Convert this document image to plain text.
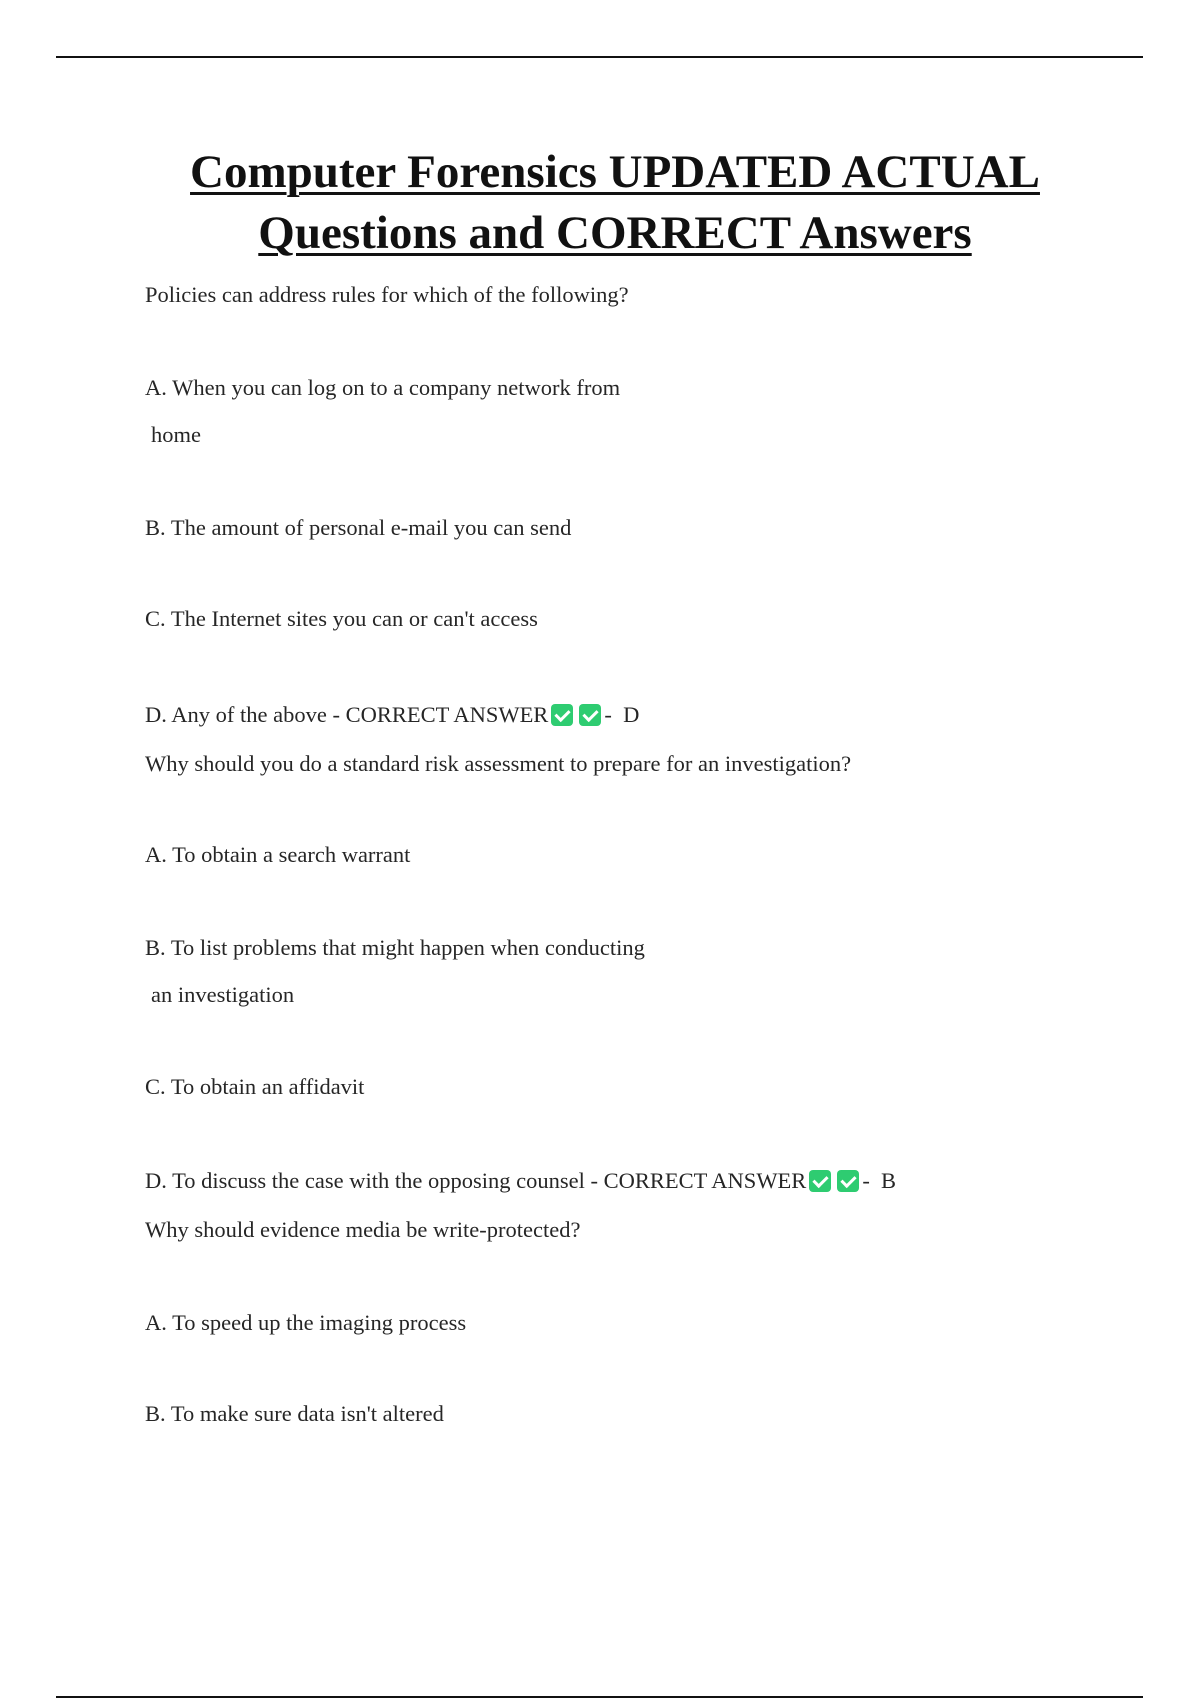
Computer Forensics UPDATED ACTUAL
Questions and CORRECT Answers

Policies can address rules for which of the following?

A. When you can log on to a company network from

home

B. The amount of personal e-mail you can send

C. The Internet sites you can or can't access

D. Any of the above - CORRECT ANSWER -  D

Why should you do a standard risk assessment to prepare for an investigation?

A. To obtain a search warrant

B. To list problems that might happen when conducting

an investigation

C. To obtain an affidavit

D. To discuss the case with the opposing counsel - CORRECT ANSWER -  B

Why should evidence media be write-protected?

A. To speed up the imaging process

B. To make sure data isn't altered
